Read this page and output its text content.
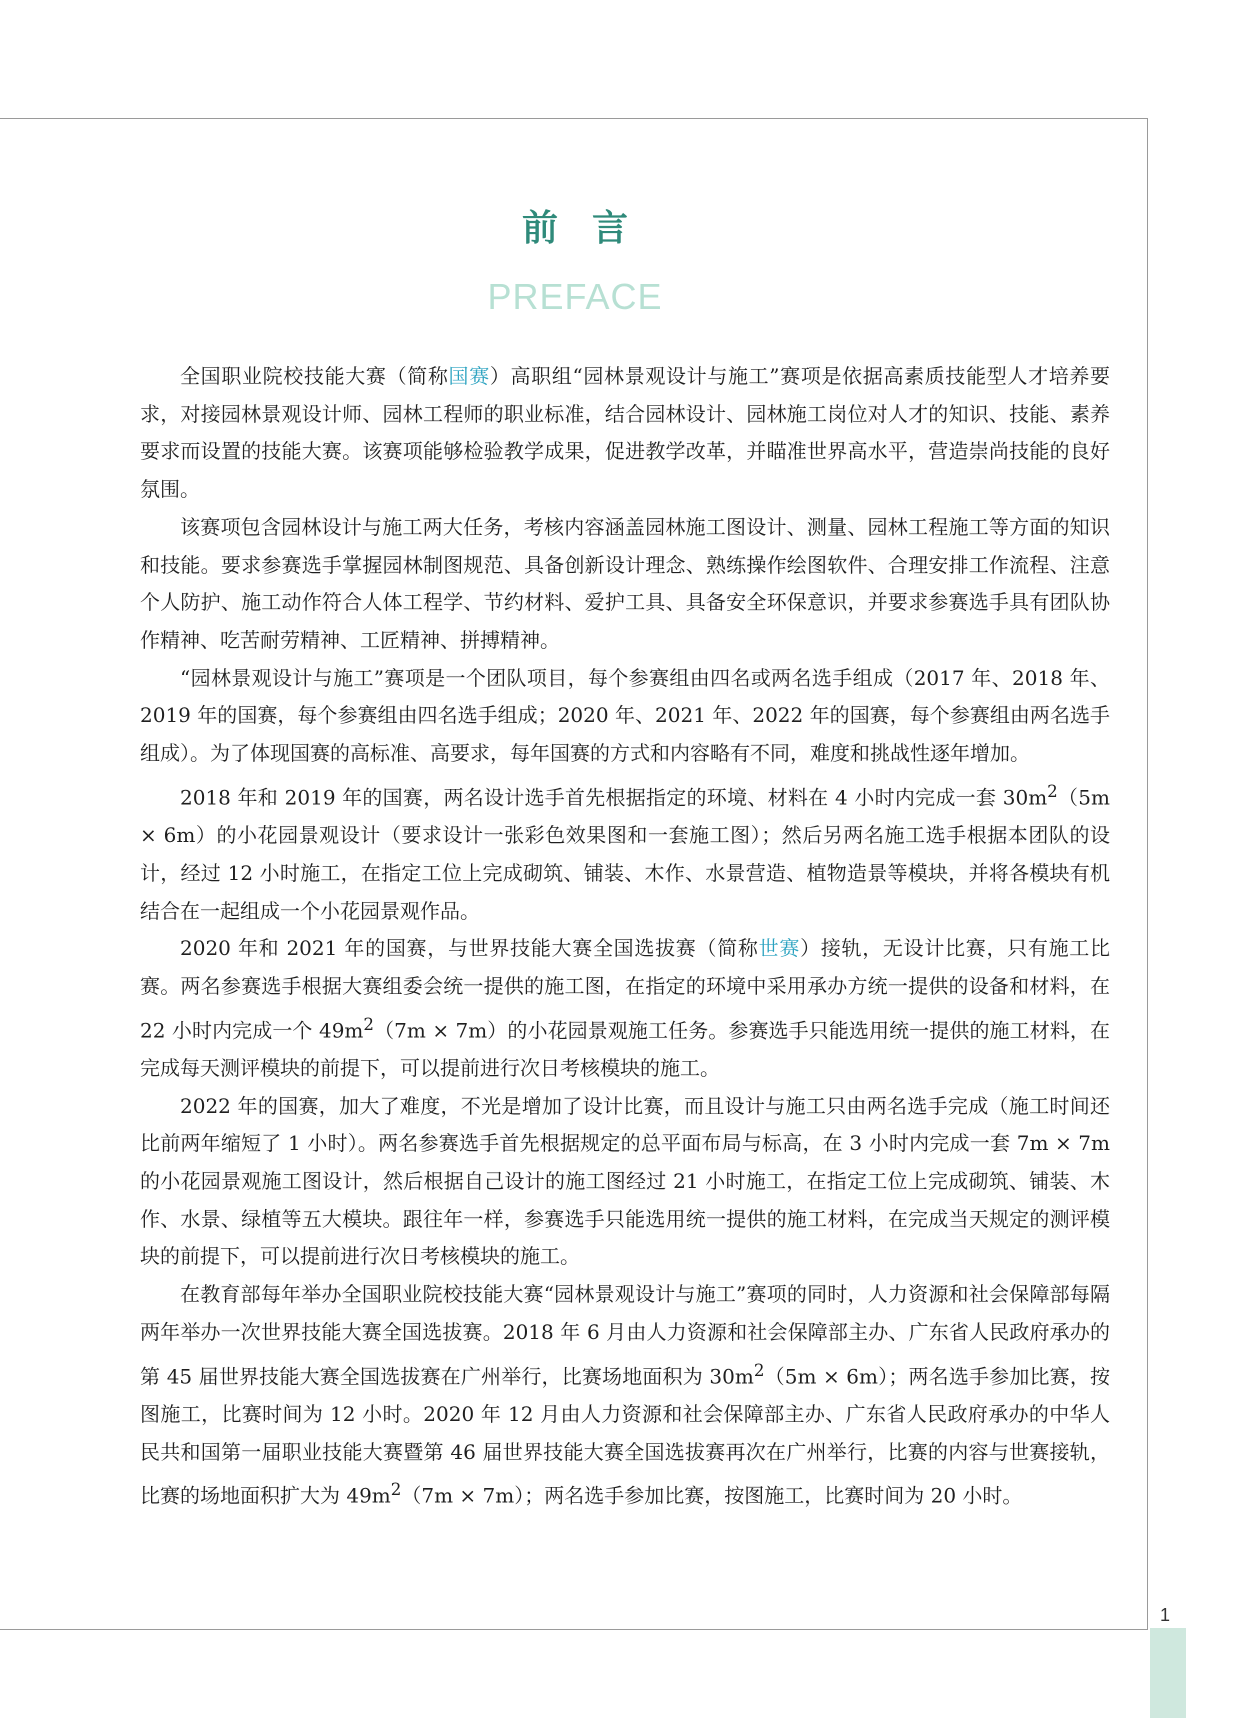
前言
PREFACE

全国职业院校技能大赛（简称国赛）高职组“园林景观设计与施工”赛项是依据高素质技能型人才培养要求，对接园林景观设计师、园林工程师的职业标准，结合园林设计、园林施工岗位对人才的知识、技能、素养要求而设置的技能大赛。该赛项能够检验教学成果，促进教学改革，并瞄准世界高水平，营造崇尚技能的良好氛围。

该赛项包含园林设计与施工两大任务，考核内容涵盖园林施工图设计、测量、园林工程施工等方面的知识和技能。要求参赛选手掌握园林制图规范、具备创新设计理念、熟练操作绘图软件、合理安排工作流程、注意个人防护、施工动作符合人体工程学、节约材料、爱护工具、具备安全环保意识，并要求参赛选手具有团队协作精神、吃苦耐劳精神、工匠精神、拼搏精神。

“园林景观设计与施工”赛项是一个团队项目，每个参赛组由四名或两名选手组成（2017 年、2018 年、2019 年的国赛，每个参赛组由四名选手组成；2020 年、2021 年、2022 年的国赛，每个参赛组由两名选手组成）。为了体现国赛的高标准、高要求，每年国赛的方式和内容略有不同，难度和挑战性逐年增加。

2018 年和 2019 年的国赛，两名设计选手首先根据指定的环境、材料在 4 小时内完成一套 $30m^2(5m \times 6m)$的小花园景观设计（要求设计一张彩色效果图和一套施工图）；然后另两名施工选手根据本团队的设计，经过 12 小时施工，在指定工位上完成砌筑、铺装、木作、水景营造、植物造景等模块，并将各模块有机结合在一起组成一个小花园景观作品。

2020 年和 2021 年的国赛，与世界技能大赛全国选拔赛（简称世赛）接轨，无设计比赛，只有施工比赛。两名参赛选手根据大赛组委会统一提供的施工图，在指定的环境中采用承办方统一提供的设备和材料，在 22 小时内完成一个 $49m^2(7m \times 7m)$的小花园景观施工任务。参赛选手只能选用统一提供的施工材料，在完成每天测评模块的前提下，可以提前进行次日考核模块的施工。

2022 年的国赛，加大了难度，不光是增加了设计比赛，而且设计与施工只由两名选手完成（施工时间还比前两年缩短了 1 小时）。两名参赛选手首先根据规定的总平面布局与标高，在 3 小时内完成一套 7m × 7m 的小花园景观施工图设计，然后根据自己设计的施工图经过 21 小时施工，在指定工位上完成砌筑、铺装、木作、水景、绿植等五大模块。跟往年一样，参赛选手只能选用统一提供的施工材料，在完成当天规定的测评模块的前提下，可以提前进行次日考核模块的施工。

在教育部每年举办全国职业院校技能大赛“园林景观设计与施工”赛项的同时，人力资源和社会保障部每隔两年举办一次世界技能大赛全国选拔赛。2018 年 6 月由人力资源和社会保障部主办、广东省人民政府承办的第 45 届世界技能大赛全国选拔赛在广州举行，比赛场地面积为 $30m^2(5m \times 6m)$；两名选手参加比赛，按图施工，比赛时间为 12 小时。2020 年 12 月由人力资源和社会保障部主办、广东省人民政府承办的中华人民共和国第一届职业技能大赛暨第 46 届世界技能大赛全国选拔赛再次在广州举行，比赛的内容与世赛接轨，比赛的场地面积扩大为 $49m^2(7m \times 7m)$；两名选手参加比赛，按图施工，比赛时间为 20 小时。

1
